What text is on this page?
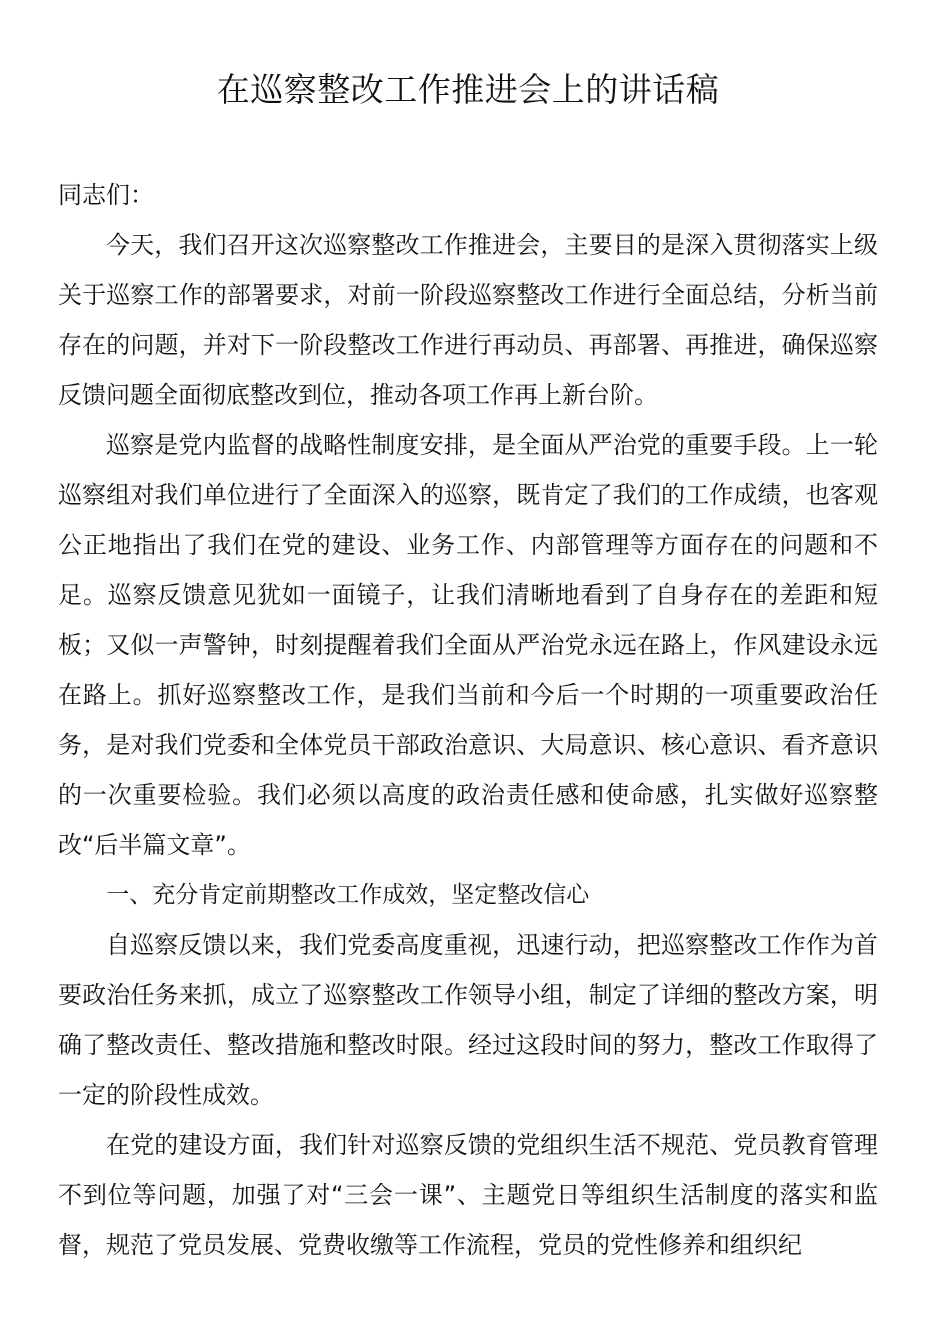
在巡察整改工作推进会上的讲话稿

同志们：

今天，我们召开这次巡察整改工作推进会，主要目的是深入贯彻落实上级关于巡察工作的部署要求，对前一阶段巡察整改工作进行全面总结，分析当前存在的问题，并对下一阶段整改工作进行再动员、再部署、再推进，确保巡察反馈问题全面彻底整改到位，推动各项工作再上新台阶。

巡察是党内监督的战略性制度安排，是全面从严治党的重要手段。上一轮巡察组对我们单位进行了全面深入的巡察，既肯定了我们的工作成绩，也客观公正地指出了我们在党的建设、业务工作、内部管理等方面存在的问题和不足。巡察反馈意见犹如一面镜子，让我们清晰地看到了自身存在的差距和短板；又似一声警钟，时刻提醒着我们全面从严治党永远在路上，作风建设永远在路上。抓好巡察整改工作，是我们当前和今后一个时期的一项重要政治任务，是对我们党委和全体党员干部政治意识、大局意识、核心意识、看齐意识的一次重要检验。我们必须以高度的政治责任感和使命感，扎实做好巡察整改“后半篇文章”。

一、充分肯定前期整改工作成效，坚定整改信心

自巡察反馈以来，我们党委高度重视，迅速行动，把巡察整改工作作为首要政治任务来抓，成立了巡察整改工作领导小组，制定了详细的整改方案，明确了整改责任、整改措施和整改时限。经过这段时间的努力，整改工作取得了一定的阶段性成效。

在党的建设方面，我们针对巡察反馈的党组织生活不规范、党员教育管理不到位等问题，加强了对“三会一课”、主题党日等组织生活制度的落实和监督，规范了党员发展、党费收缴等工作流程，党员的党性修养和组织纪
